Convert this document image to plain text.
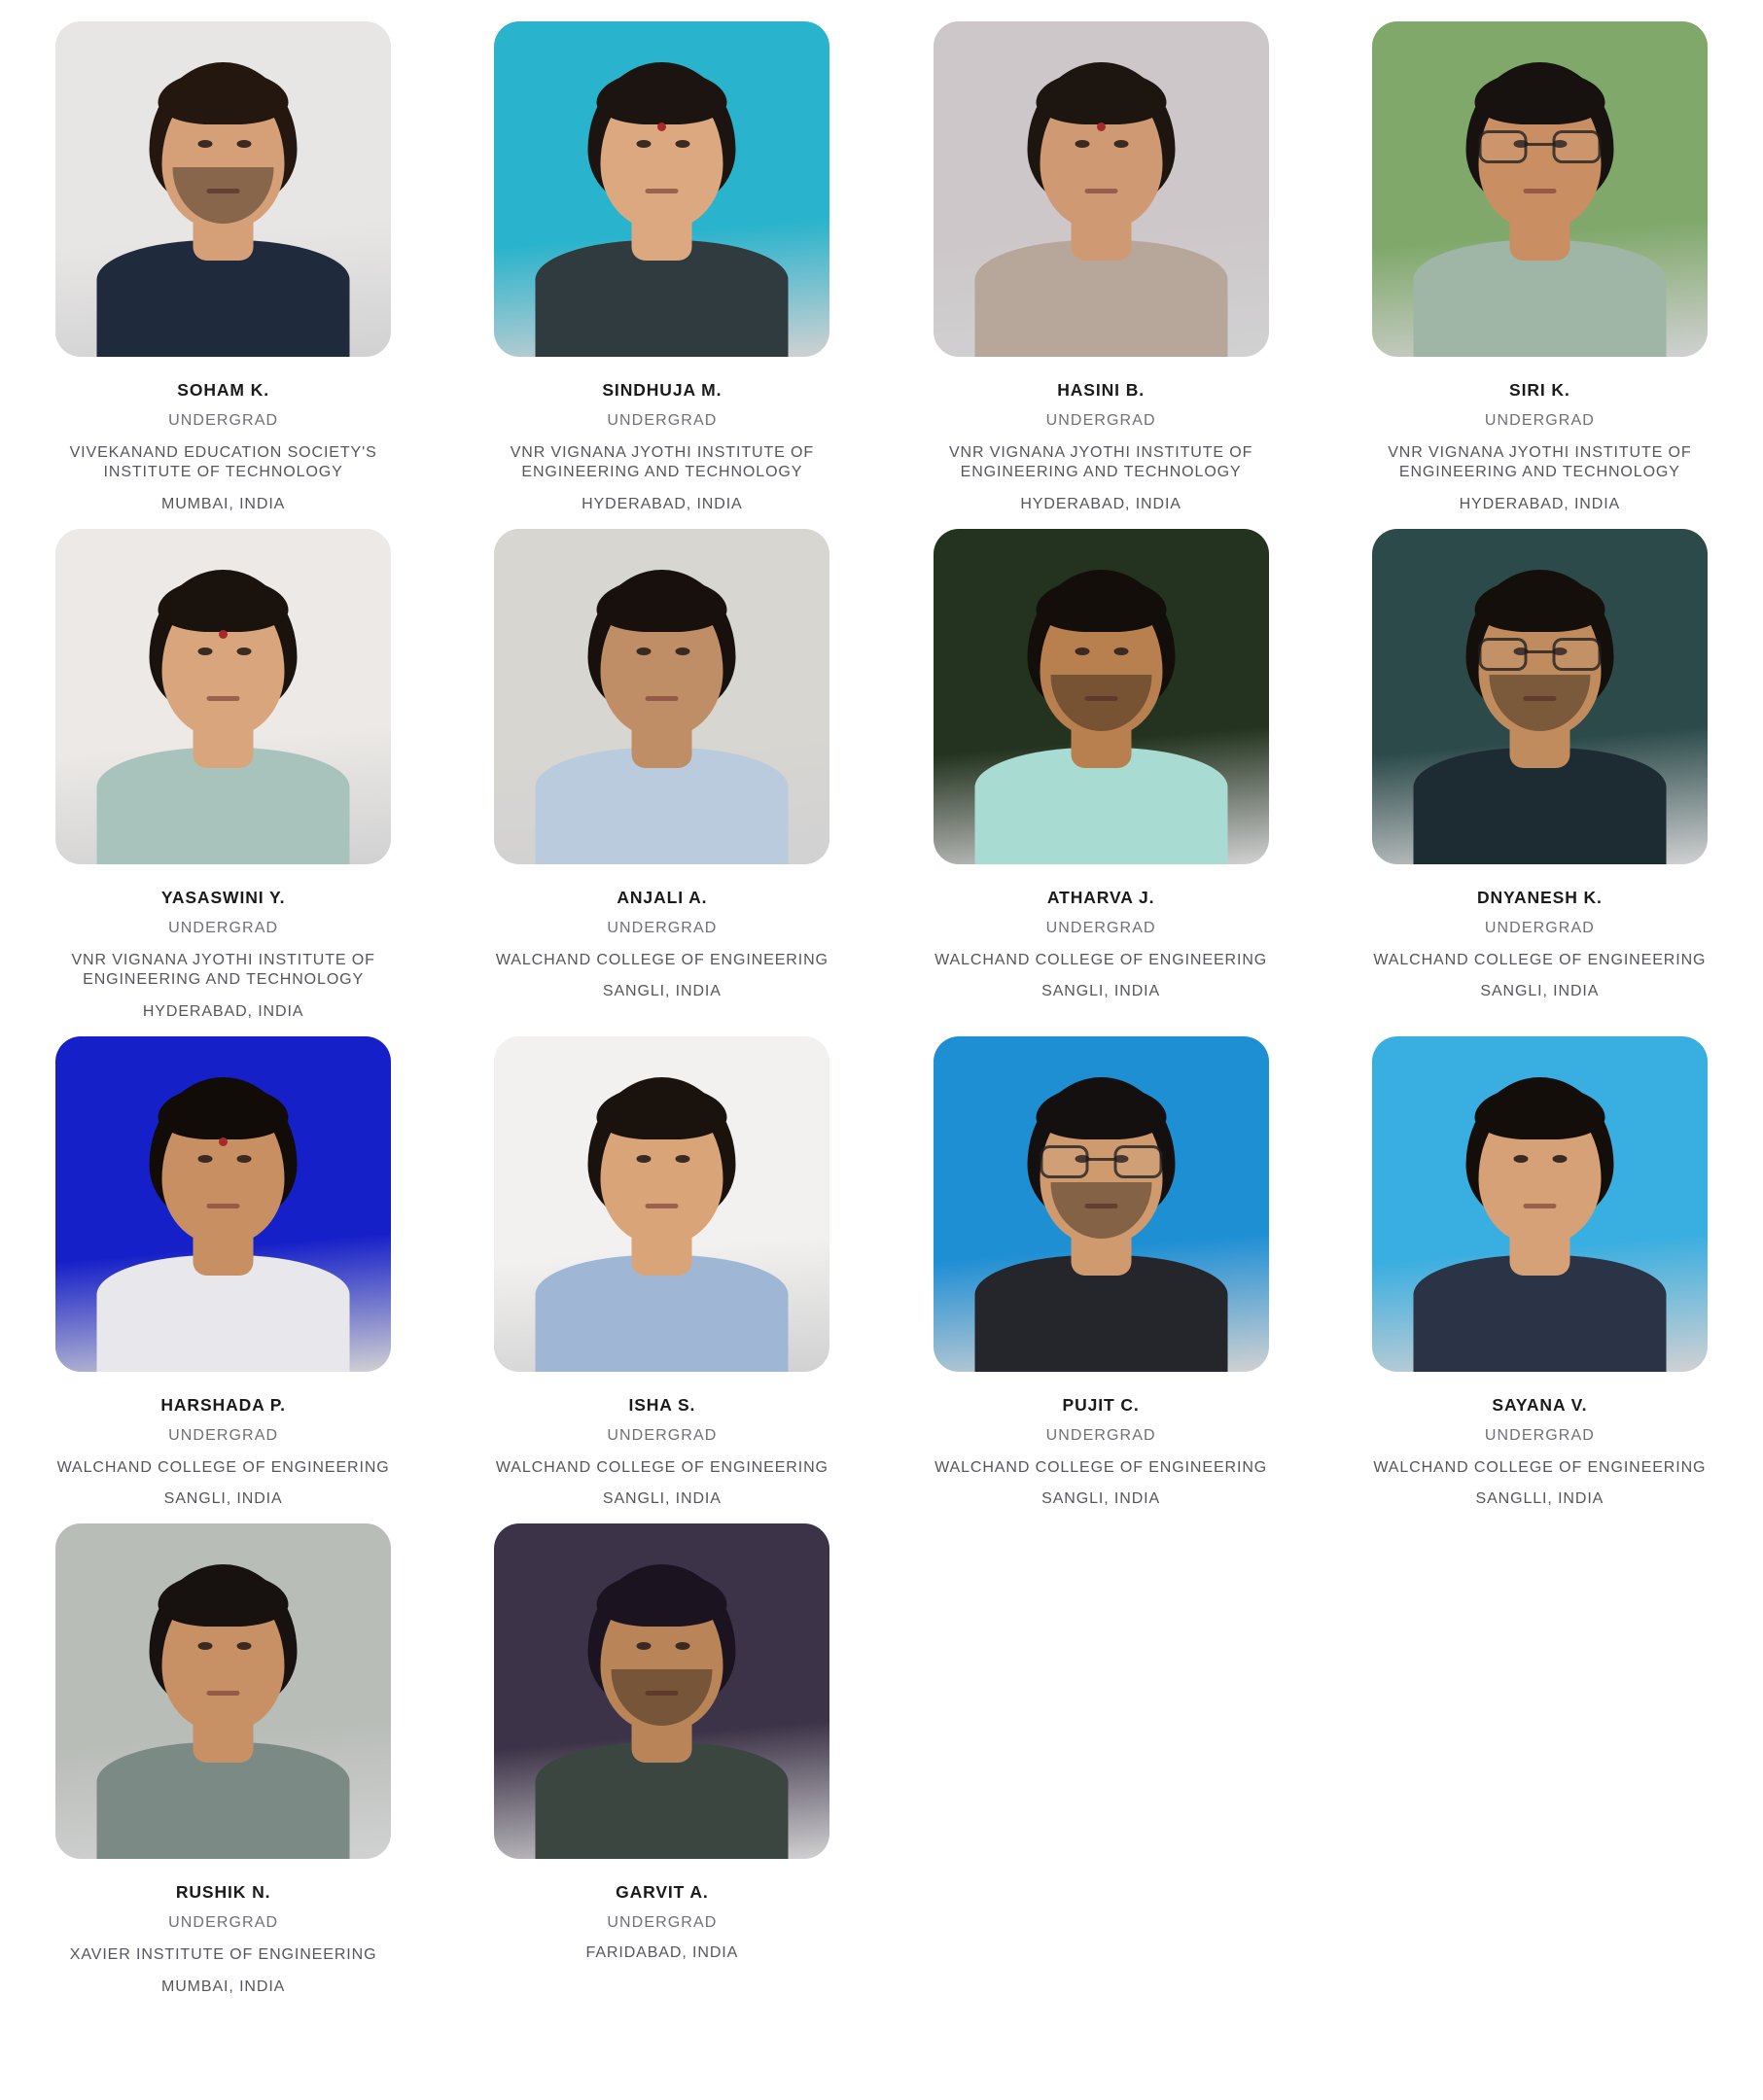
SOHAM K.
UNDERGRAD
VIVEKANAND EDUCATION SOCIETY'S INSTITUTE OF TECHNOLOGY
MUMBAI, INDIA
SINDHUJA M.
UNDERGRAD
VNR VIGNANA JYOTHI INSTITUTE OF ENGINEERING AND TECHNOLOGY
HYDERABAD, INDIA
HASINI B.
UNDERGRAD
VNR VIGNANA JYOTHI INSTITUTE OF ENGINEERING AND TECHNOLOGY
HYDERABAD, INDIA
SIRI K.
UNDERGRAD
VNR VIGNANA JYOTHI INSTITUTE OF ENGINEERING AND TECHNOLOGY
HYDERABAD, INDIA
YASASWINI Y.
UNDERGRAD
VNR VIGNANA JYOTHI INSTITUTE OF ENGINEERING AND TECHNOLOGY
HYDERABAD, INDIA
ANJALI A.
UNDERGRAD
WALCHAND COLLEGE OF ENGINEERING
SANGLI, INDIA
ATHARVA J.
UNDERGRAD
WALCHAND COLLEGE OF ENGINEERING
SANGLI, INDIA
DNYANESH K.
UNDERGRAD
WALCHAND COLLEGE OF ENGINEERING
SANGLI, INDIA
HARSHADA P.
UNDERGRAD
WALCHAND COLLEGE OF ENGINEERING
SANGLI, INDIA
ISHA S.
UNDERGRAD
WALCHAND COLLEGE OF ENGINEERING
SANGLI, INDIA
PUJIT C.
UNDERGRAD
WALCHAND COLLEGE OF ENGINEERING
SANGLI, INDIA
SAYANA V.
UNDERGRAD
WALCHAND COLLEGE OF ENGINEERING
SANGLLI, INDIA
RUSHIK N.
UNDERGRAD
XAVIER INSTITUTE OF ENGINEERING
MUMBAI, INDIA
GARVIT A.
UNDERGRAD
FARIDABAD, INDIA
